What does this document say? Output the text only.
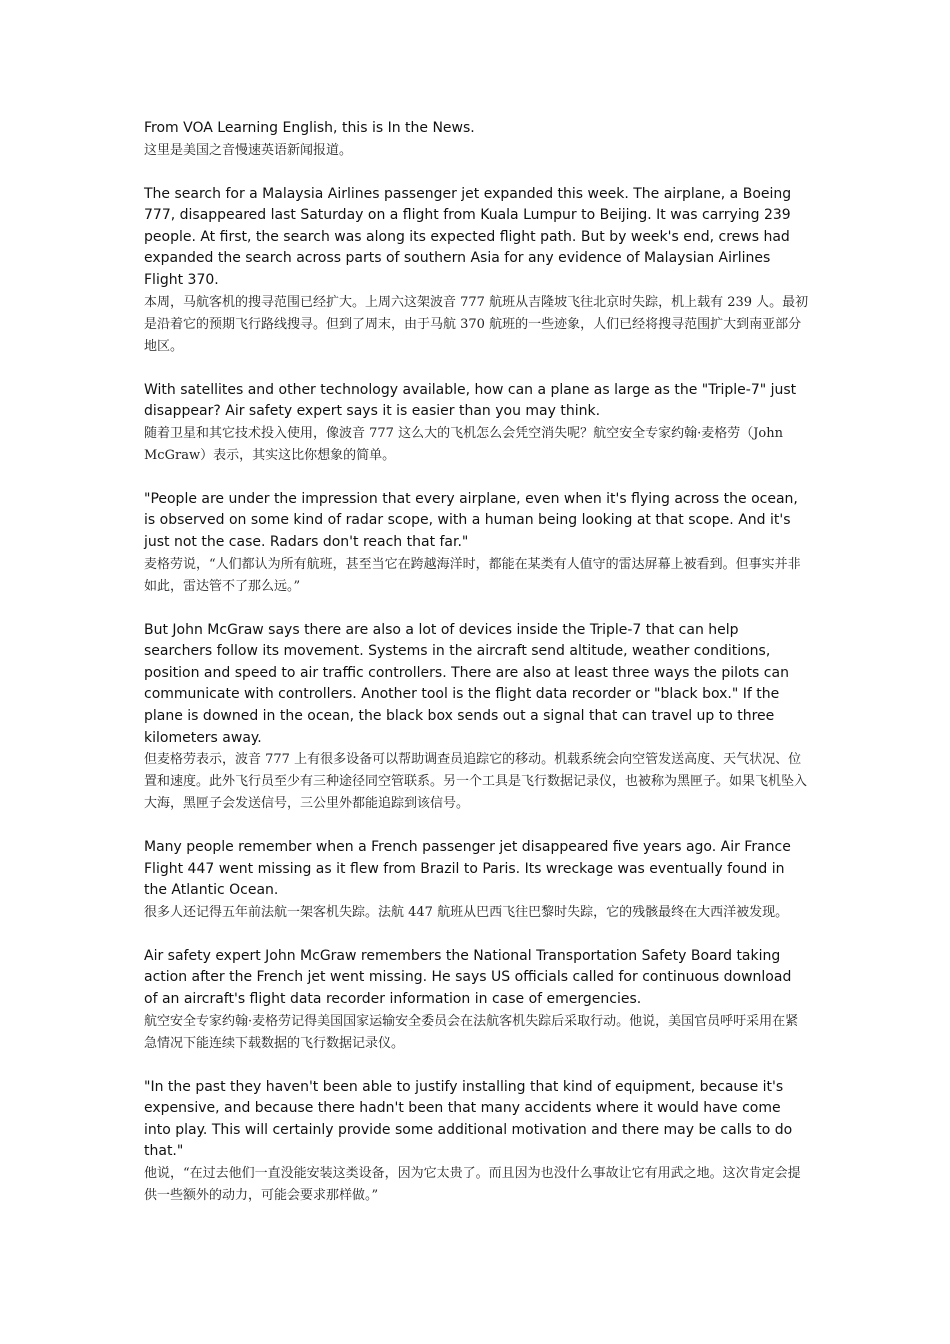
From VOA Learning English, this is In the News.

这里是美国之音慢速英语新闻报道。

The search for a Malaysia Airlines passenger jet expanded this week. The airplane, a Boeing 777, disappeared last Saturday on a flight from Kuala Lumpur to Beijing. It was carrying 239 people. At first, the search was along its expected flight path. But by week's end, crews had expanded the search across parts of southern Asia for any evidence of Malaysian Airlines Flight 370.

本周，马航客机的搜寻范围已经扩大。上周六这架波音 777 航班从吉隆坡飞往北京时失踪，机上载有 239 人。最初是沿着它的预期飞行路线搜寻。但到了周末，由于马航 370 航班的一些迹象，人们已经将搜寻范围扩大到南亚部分地区。

With satellites and other technology available, how can a plane as large as the "Triple-7" just disappear? Air safety expert says it is easier than you may think.

随着卫星和其它技术投入使用，像波音 777 这么大的飞机怎么会凭空消失呢？航空安全专家约翰·麦格劳（John McGraw）表示，其实这比你想象的简单。

"People are under the impression that every airplane, even when it's flying across the ocean, is observed on some kind of radar scope, with a human being looking at that scope. And it's just not the case. Radars don't reach that far."

麦格劳说，“人们都认为所有航班，甚至当它在跨越海洋时，都能在某类有人值守的雷达屏幕上被看到。但事实并非如此，雷达管不了那么远。”

But John McGraw says there are also a lot of devices inside the Triple-7 that can help searchers follow its movement. Systems in the aircraft send altitude, weather conditions, position and speed to air traffic controllers. There are also at least three ways the pilots can communicate with controllers. Another tool is the flight data recorder or "black box." If the plane is downed in the ocean, the black box sends out a signal that can travel up to three kilometers away.

但麦格劳表示，波音 777 上有很多设备可以帮助调查员追踪它的移动。机载系统会向空管发送高度、天气状况、位置和速度。此外飞行员至少有三种途径同空管联系。另一个工具是飞行数据记录仪，也被称为黑匣子。如果飞机坠入大海，黑匣子会发送信号，三公里外都能追踪到该信号。

Many people remember when a French passenger jet disappeared five years ago. Air France Flight 447 went missing as it flew from Brazil to Paris. Its wreckage was eventually found in the Atlantic Ocean.

很多人还记得五年前法航一架客机失踪。法航 447 航班从巴西飞往巴黎时失踪，它的残骸最终在大西洋被发现。

Air safety expert John McGraw remembers the National Transportation Safety Board taking action after the French jet went missing. He says US officials called for continuous download of an aircraft's flight data recorder information in case of emergencies.

航空安全专家约翰·麦格劳记得美国国家运输安全委员会在法航客机失踪后采取行动。他说，美国官员呼吁采用在紧急情况下能连续下载数据的飞行数据记录仪。

"In the past they haven't been able to justify installing that kind of equipment, because it's expensive, and because there hadn't been that many accidents where it would have come into play. This will certainly provide some additional motivation and there may be calls to do that."

他说，“在过去他们一直没能安装这类设备，因为它太贵了。而且因为也没什么事故让它有用武之地。这次肯定会提供一些额外的动力，可能会要求那样做。”
